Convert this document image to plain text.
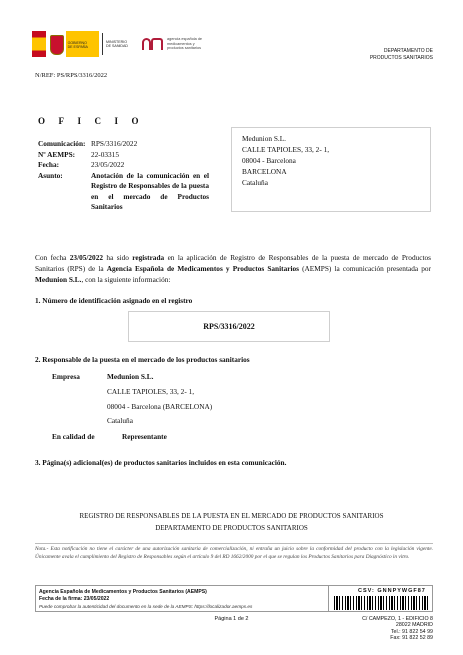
GOBIERNO
DE ESPAÑA
MINISTERIO
DE SANIDAD
agencia española de
medicamentos y
productos sanitarios	DEPARTAMENTO DE
PRODUCTOS SANITARIOS
N/REF: PS/RPS/3316/2022
OFICIO
Comunicación: RPS/3316/2022
Nº AEMPS:	22-03315
Fecha:	23/05/2022
Asunto:	Anotación de la comunicación en el Registro de Responsables de la puesta en el mercado de Productos Sanitarios
Medunion S.L.
CALLE TAPIOLES, 33, 2- 1,
08004 - Barcelona
BARCELONA
Cataluña
Con fecha 23/05/2022 ha sido registrada en la aplicación de Registro de Responsables de la puesta de mercado de Productos Sanitarios (RPS) de la Agencia Española de Medicamentos y Productos Sanitarios (AEMPS) la comunicación presentada por Medunion S.L., con la siguiente información:
1. Número de identificación asignado en el registro
RPS/3316/2022
2. Responsable de la puesta en el mercado de los productos sanitarios
Empresa	Medunion S.L.
CALLE TAPIOLES, 33, 2- 1,
08004 - Barcelona (BARCELONA)
Cataluña
En calidad de	Representante
3. Página(s) adicional(es) de productos sanitarios incluidos en esta comunicación.
REGISTRO DE RESPONSABLES DE LA PUESTA EN EL MERCADO DE PRODUCTOS SANITARIOS
DEPARTAMENTO DE PRODUCTOS SANITARIOS
Nota.- Esta notificación no tiene el carácter de una autorización sanitaria de comercialización, ni entraña un juicio sobre la conformidad del producto con la legislación vigente. Únicamente avala el cumplimiento del Registro de Responsables según el artículo 9 del RD 1662/2000 por el que se regulan los Productos Sanitarios para Diagnóstico in vitro.
Agencia Española de Medicamentos y Productos Sanitarios (AEMPS)
Fecha de la firma: 23/05/2022
Puede comprobar la autenticidad del documento en la sede de la AEMPS: https://localizador.aemps.es
CSV: GNNPYWGF87
Página 1 de 2	C/ CAMPEZO, 1 - EDIFICIO 8
28022 MADRID
Tel.: 91 822 54 99
Fax: 91 822 52 89
